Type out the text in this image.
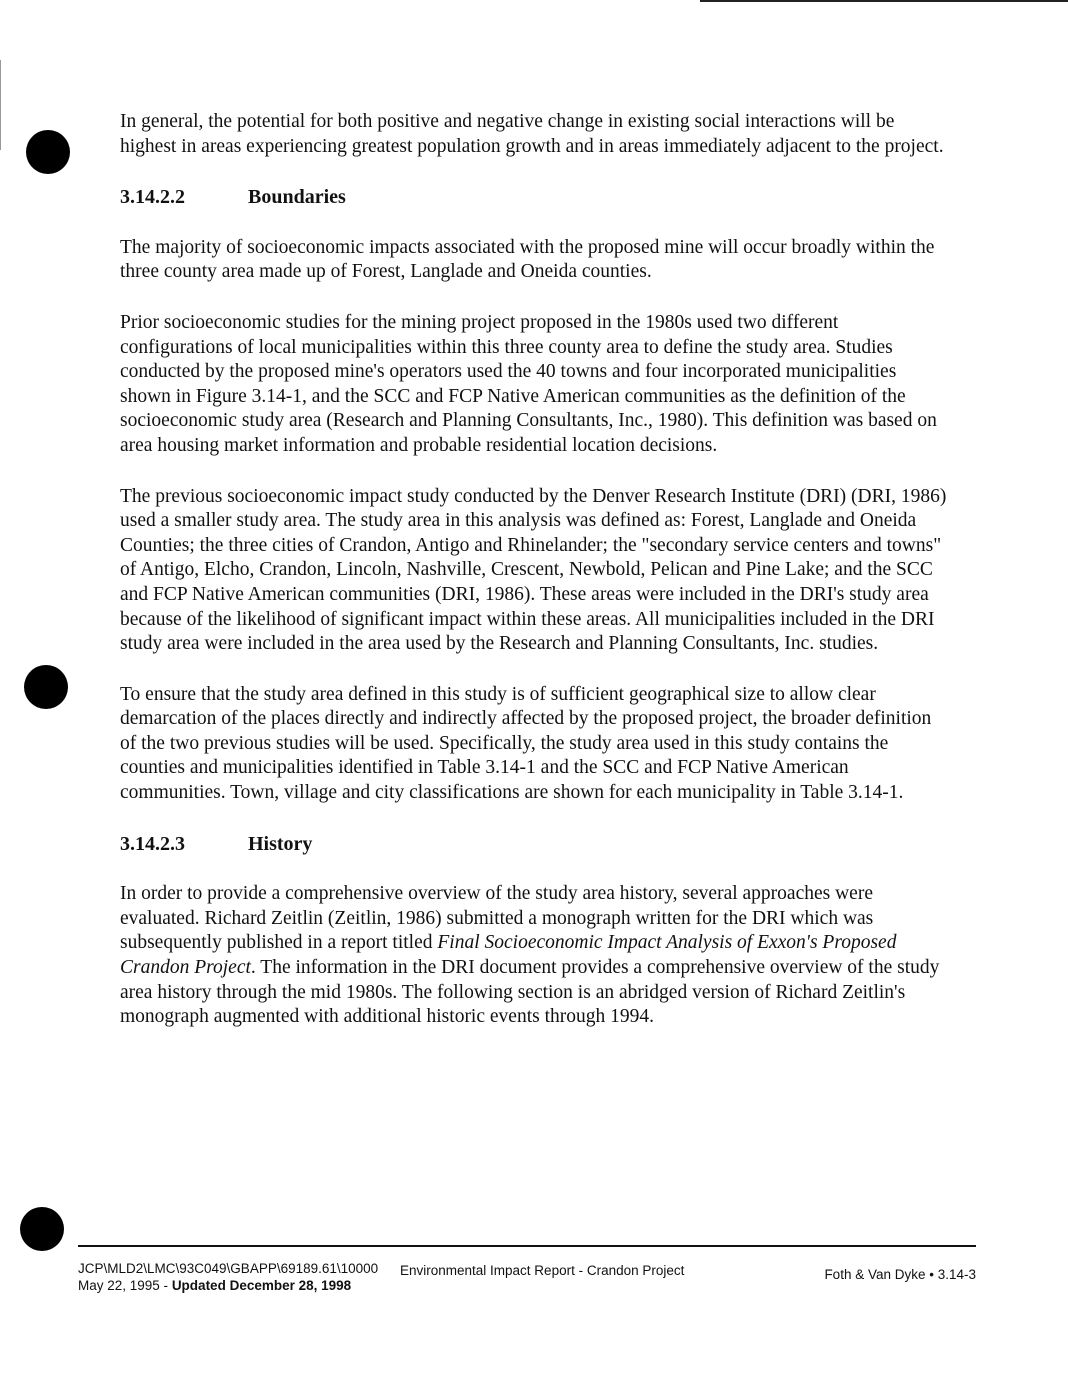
In general, the potential for both positive and negative change in existing social interactions will be highest in areas experiencing greatest population growth and in areas immediately adjacent to the project.

3.14.2.2	Boundaries

The majority of socioeconomic impacts associated with the proposed mine will occur broadly within the three county area made up of Forest, Langlade and Oneida counties.

Prior socioeconomic studies for the mining project proposed in the 1980s used two different configurations of local municipalities within this three county area to define the study area. Studies conducted by the proposed mine's operators used the 40 towns and four incorporated municipalities shown in Figure 3.14-1, and the SCC and FCP Native American communities as the definition of the socioeconomic study area (Research and Planning Consultants, Inc., 1980). This definition was based on area housing market information and probable residential location decisions.

The previous socioeconomic impact study conducted by the Denver Research Institute (DRI) (DRI, 1986) used a smaller study area. The study area in this analysis was defined as: Forest, Langlade and Oneida Counties; the three cities of Crandon, Antigo and Rhinelander; the "secondary service centers and towns" of Antigo, Elcho, Crandon, Lincoln, Nashville, Crescent, Newbold, Pelican and Pine Lake; and the SCC and FCP Native American communities (DRI, 1986). These areas were included in the DRI's study area because of the likelihood of significant impact within these areas. All municipalities included in the DRI study area were included in the area used by the Research and Planning Consultants, Inc. studies.

To ensure that the study area defined in this study is of sufficient geographical size to allow clear demarcation of the places directly and indirectly affected by the proposed project, the broader definition of the two previous studies will be used. Specifically, the study area used in this study contains the counties and municipalities identified in Table 3.14-1 and the SCC and FCP Native American communities. Town, village and city classifications are shown for each municipality in Table 3.14-1.

3.14.2.3	History

In order to provide a comprehensive overview of the study area history, several approaches were evaluated. Richard Zeitlin (Zeitlin, 1986) submitted a monograph written for the DRI which was subsequently published in a report titled Final Socioeconomic Impact Analysis of Exxon's Proposed Crandon Project. The information in the DRI document provides a comprehensive overview of the study area history through the mid 1980s. The following section is an abridged version of Richard Zeitlin's monograph augmented with additional historic events through 1994.

JCP\MLD2\LMC\93C049\GBAPP\69189.61\10000
May 22, 1995 - Updated December 28, 1998
Environmental Impact Report - Crandon Project	Foth & Van Dyke • 3.14-3
